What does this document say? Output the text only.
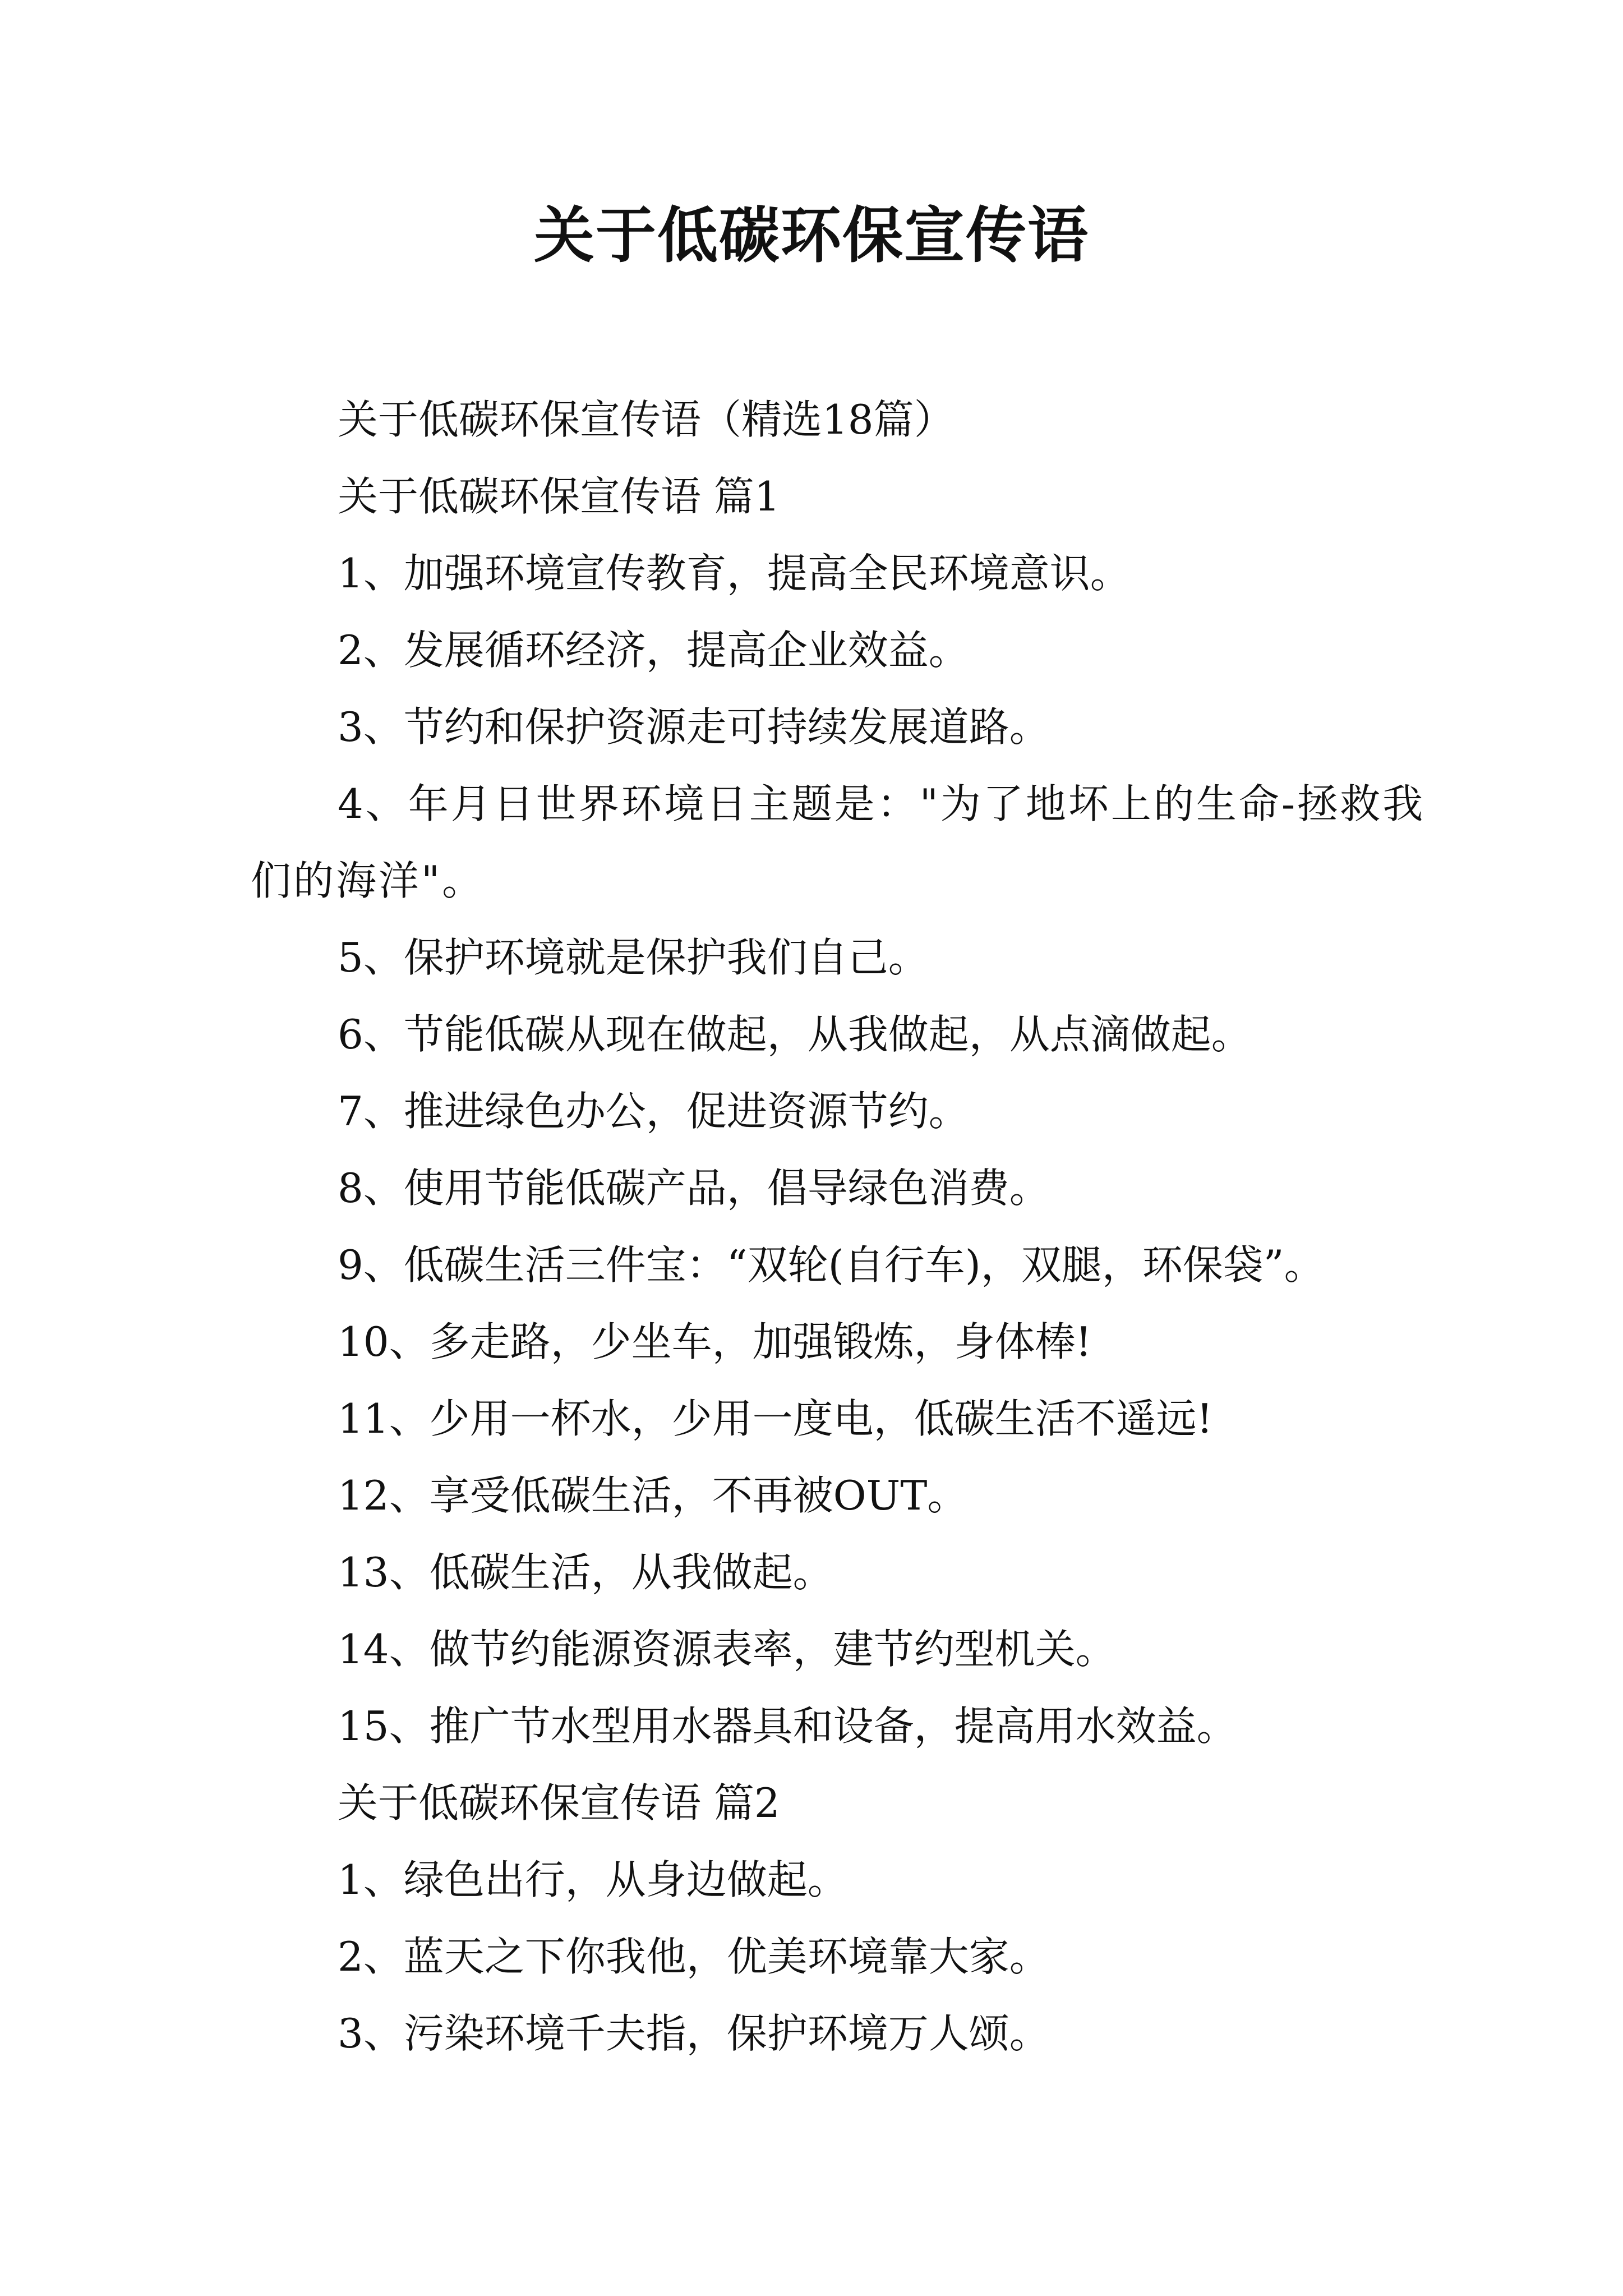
关于低碳环保宣传语

关于低碳环保宣传语（精选18篇）

关于低碳环保宣传语 篇1

1、加强环境宣传教育，提高全民环境意识。

2、发展循环经济，提高企业效益。

3、节约和保护资源走可持续发展道路。

4、年月日世界环境日主题是："为了地坏上的生命-拯救我们的海洋"。

5、保护环境就是保护我们自己。

6、节能低碳从现在做起，从我做起，从点滴做起。

7、推进绿色办公，促进资源节约。

8、使用节能低碳产品，倡导绿色消费。

9、低碳生活三件宝：“双轮(自行车)，双腿，环保袋”。

10、多走路，少坐车，加强锻炼，身体棒!

11、少用一杯水，少用一度电，低碳生活不遥远!

12、享受低碳生活，不再被OUT。

13、低碳生活，从我做起。

14、做节约能源资源表率，建节约型机关。

15、推广节水型用水器具和设备，提高用水效益。

关于低碳环保宣传语 篇2

1、绿色出行，从身边做起。

2、蓝天之下你我他，优美环境靠大家。

3、污染环境千夫指，保护环境万人颂。
